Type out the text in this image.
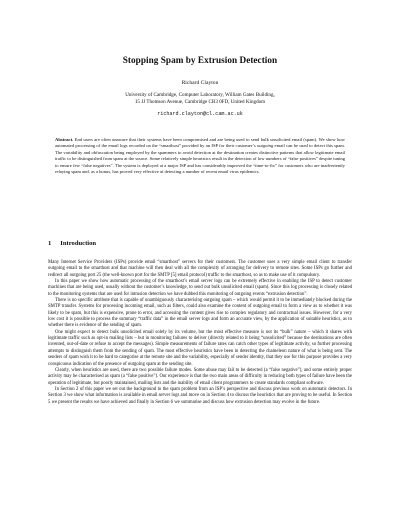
Stopping Spam by Extrusion Detection
Richard Clayton
University of Cambridge, Computer Laboratory, William Gates Building,
15 JJ Thomson Avenue, Cambridge CB3 0FD, United Kingdom
richard.clayton@cl.cam.ac.uk
Abstract. End users are often unaware that their systems have been compromised and are being used to send bulk unsolicited email (spam). We show how automated processing of the email logs recorded on the “smarthost” provided by an ISP for their customer’s outgoing email can be used to detect this spam. The variability and obfuscation being employed by the spammers to avoid detection at the destination creates distinctive patterns that allow legitimate email traffic to be distinguished from spam at the source. Some relatively simple heuristics result in the detection of low numbers of “false positives” despite tuning to ensure few “false negatives”. The system is deployed at a major ISP and has considerably improved the “time-to-fix” for customers who are inadvertently relaying spam and, as a bonus, has proved very effective at detecting a number of recent email virus epidemics.
1 Introduction

Many Internet Service Providers (ISPs) provide email “smarthost” servers for their customers. The customer uses a very simple email client to transfer outgoing email to the smarthost and that machine will then deal with all the complexity of arranging for delivery to remote sites. Some ISPs go further and redirect all outgoing port 25 (the well-known port for the SMTP [5] email protocol) traffic to the smarthost, so as to make use of it compulsory.

In this paper we show how automatic processing of the smarthost’s email server logs can be extremely effective in enabling the ISP to detect customer machines that are being used, usually without the customer’s knowledge, to send out bulk unsolicited email (spam). Since this log processing is closely related to the monitoring systems that are used for intrusion detection we have dubbed this monitoring of outgoing events “extrusion detection”.

There is no specific attribute that is capable of unambiguously characterising outgoing spam – which would permit it to be immediately blocked during the SMTP transfer. Systems for processing incoming email, such as filters, could also examine the content of outgoing email to form a view as to whether it was likely to be spam, but this is expensive, prone to error, and accessing the content gives rise to complex regulatory and contractual issues. However, for a very low cost it is possible to process the summary “traffic data” in the email server logs and form an accurate view, by the application of suitable heuristics, as to whether there is evidence of the sending of spam.

One might expect to detect bulk unsolicited email solely by its volume, but the most effective measure is not its “bulk” nature – which it shares with legitimate traffic such as opt-in mailing lists – but in monitoring failures to deliver (directly related to it being “unsolicited” because the destinations are often invented, out-of-date or refuse to accept the messages). Simple measurements of failure rates can catch other types of legitimate activity, so further processing attempts to distinguish them from the sending of spam. The most effective heuristics have been in detecting the chameleon nature of what is being sent. The senders of spam wish it to be hard to categorise at the remote site and the variability, especially of sender identity, that they use for this purpose provides a very conspicuous indication of the presence of outgoing spam at the sending site.

Clearly, when heuristics are used, there are two possible failure modes. Some abuse may fail to be detected (a “false negative”), and some entirely proper activity may be characterised as spam (a “false positive”). Our experience is that the two main areas of difficulty in reducing both types of failure have been the operation of legitimate, but poorly maintained, mailing lists and the inability of email client programmers to create standards compliant software.

In Section 2 of this paper we set out the background to the spam problem from an ISP’s perspective and discuss previous work on automatic detectors. In Section 3 we show what information is available in email server logs and move on in Section 4 to discuss the heuristics that are proving to be useful. In Section 5 we present the results we have achieved and finally in Section 6 we summarise and discuss how extrusion detection may evolve in the future.
